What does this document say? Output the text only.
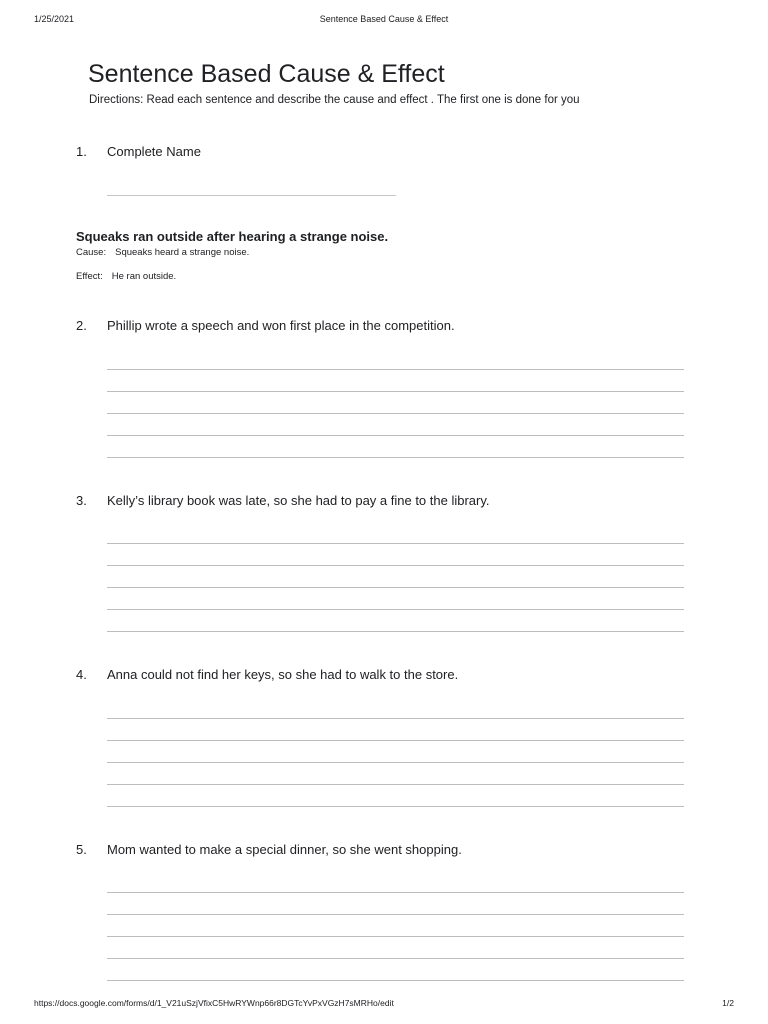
1/25/2021	Sentence Based Cause & Effect
Sentence Based Cause & Effect
Directions: Read each sentence and describe the cause and effect . The first one is done for you
1. Complete Name
Squeaks ran outside after hearing a strange noise.
Cause: Squeaks heard a strange noise.
Effect: He ran outside.
2. Phillip wrote a speech and won first place in the competition.
3. Kelly’s library book was late, so she had to pay a fine to the library.
4. Anna could not find her keys, so she had to walk to the store.
5. Mom wanted to make a special dinner, so she went shopping.
https://docs.google.com/forms/d/1_V21uSzjVfixC5HwRYWnp66r8DGTcYvPxVGzH7sMRHo/edit	1/2
